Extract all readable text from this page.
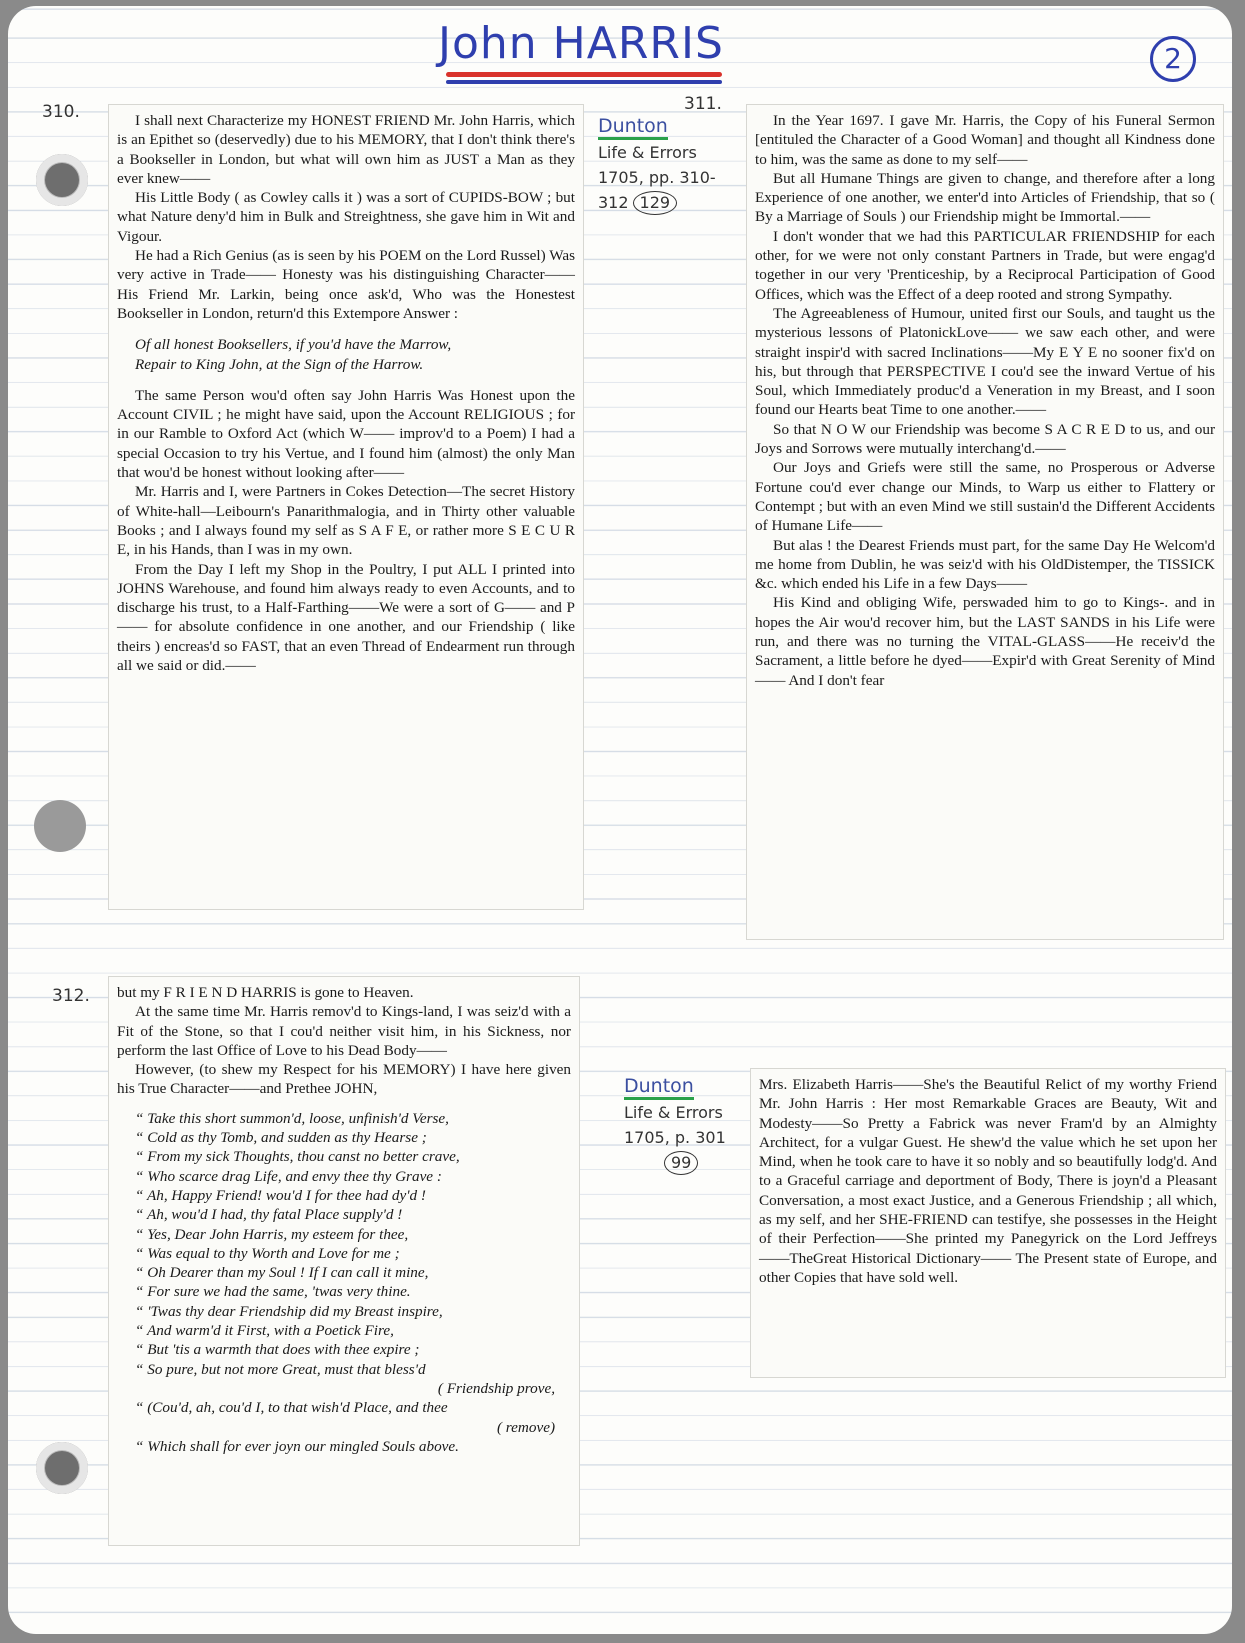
John HARRIS	2
310.	311.
312.
Dunton
Life & Errors
1705, pp. 310-
312 129
Dunton
Life & Errors
1705, p. 301
99

I shall next Characterize my HONEST FRIEND Mr. John Harris, which is an Epithet so (deservedly) due to his MEMORY, that I don't think there's a Bookseller in London, but what will own him as JUST a Man as they ever knew——

His Little Body ( as Cowley calls it ) was a sort of CUPIDS-BOW ; but what Nature deny'd him in Bulk and Streightness, she gave him in Wit and Vigour.

He had a Rich Genius (as is seen by his POEM on the Lord Russel) Was very active in Trade—— Honesty was his distinguishing Character——His Friend Mr. Larkin, being once ask'd, Who was the Honestest Bookseller in London, return'd this Extempore Answer :

Of all honest Booksellers, if you'd have the Marrow,
Repair to King John, at the Sign of the Harrow.

The same Person wou'd often say John Harris Was Honest upon the Account CIVIL ; he might have said, upon the Account RELIGIOUS ; for in our Ramble to Oxford Act (which W—— improv'd to a Poem) I had a special Occasion to try his Vertue, and I found him (almost) the only Man that wou'd be honest without looking after——

Mr. Harris and I, were Partners in Cokes Detection—The secret History of White-hall—Leibourn's Panarithmalogia, and in Thirty other valuable Books ; and I always found my self as S A F E, or rather more S E C U R E, in his Hands, than I was in my own.

From the Day I left my Shop in the Poultry, I put ALL I printed into JOHNS Warehouse, and found him always ready to even Accounts, and to discharge his trust, to a Half-Farthing——We were a sort of G—— and P—— for absolute confidence in one another, and our Friendship ( like theirs ) encreas'd so FAST, that an even Thread of Endearment run through all we said or did.——

In the Year 1697. I gave Mr. Harris, the Copy of his Funeral Sermon [entituled the Character of a Good Woman] and thought all Kindness done to him, was the same as done to my self——

But all Humane Things are given to change, and therefore after a long Experience of one another, we enter'd into Articles of Friendship, that so ( By a Marriage of Souls ) our Friendship might be Immortal.——

I don't wonder that we had this PARTICULAR FRIENDSHIP for each other, for we were not only constant Partners in Trade, but were engag'd together in our very 'Prenticeship, by a Reciprocal Participation of Good Offices, which was the Effect of a deep rooted and strong Sympathy.

The Agreeableness of Humour, united first our Souls, and taught us the mysterious lessons of PlatonickLove—— we saw each other, and were straight inspir'd with sacred Inclinations——My E Y E no sooner fix'd on his, but through that PERSPECTIVE I cou'd see the inward Vertue of his Soul, which Immediately produc'd a Veneration in my Breast, and I soon found our Hearts beat Time to one another.——

So that N O W our Friendship was become S A C R E D to us, and our Joys and Sorrows were mutually interchang'd.——

Our Joys and Griefs were still the same, no Prosperous or Adverse Fortune cou'd ever change our Minds, to Warp us either to Flattery or Contempt ; but with an even Mind we still sustain'd the Different Accidents of Humane Life——

But alas ! the Dearest Friends must part, for the same Day He Welcom'd me home from Dublin, he was seiz'd with his OldDistemper, the TISSICK &c. which ended his Life in a few Days——

His Kind and obliging Wife, perswaded him to go to Kings-. and in hopes the Air wou'd recover him, but the LAST SANDS in his Life were run, and there was no turning the VITAL-GLASS——He receiv'd the Sacrament, a little before he dyed——Expir'd with Great Serenity of Mind—— And I don't fear

but my F R I E N D HARRIS is gone to Heaven.

At the same time Mr. Harris remov'd to Kings-land, I was seiz'd with a Fit of the Stone, so that I cou'd neither visit him, in his Sickness, nor perform the last Office of Love to his Dead Body——

However, (to shew my Respect for his MEMORY) I have here given his True Character——and Prethee JOHN,

“ Take this short summon'd, loose, unfinish'd Verse,
“ Cold as thy Tomb, and sudden as thy Hearse ;
“ From my sick Thoughts, thou canst no better crave,
“ Who scarce drag Life, and envy thee thy Grave :
“ Ah, Happy Friend! wou'd I for thee had dy'd !
“ Ah, wou'd I had, thy fatal Place supply'd !
“ Yes, Dear John Harris, my esteem for thee,
“ Was equal to thy Worth and Love for me ;
“ Oh Dearer than my Soul ! If I can call it mine,
“ For sure we had the same, 'twas very thine.
“ 'Twas thy dear Friendship did my Breast inspire,
“ And warm'd it First, with a Poetick Fire,
“ But 'tis a warmth that does with thee expire ;
“ So pure, but not more Great, must that bless'd
( Friendship prove,
“ (Cou'd, ah, cou'd I, to that wish'd Place, and thee
( remove)
“ Which shall for ever joyn our mingled Souls above.

Mrs. Elizabeth Harris——She's the Beautiful Relict of my worthy Friend Mr. John Harris : Her most Remarkable Graces are Beauty, Wit and Modesty——So Pretty a Fabrick was never Fram'd by an Almighty Architect, for a vulgar Guest. He shew'd the value which he set upon her Mind, when he took care to have it so nobly and so beautifully lodg'd. And to a Graceful carriage and deportment of Body, There is joyn'd a Pleasant Conversation, a most exact Justice, and a Generous Friendship ; all which, as my self, and her SHE-FRIEND can testifye, she possesses in the Height of their Perfection——She printed my Panegyrick on the Lord Jeffreys ——TheGreat Historical Dictionary—— The Present state of Europe, and other Copies that have sold well.
